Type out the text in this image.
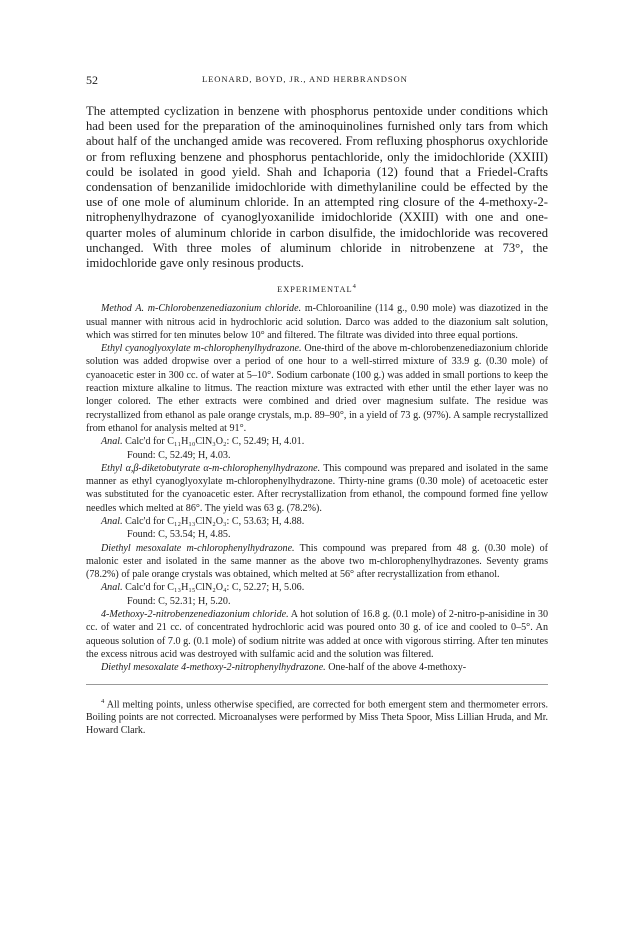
52	LEONARD, BOYD, JR., AND HERBRANDSON

The attempted cyclization in benzene with phosphorus pentoxide under conditions which had been used for the preparation of the aminoquinolines furnished only tars from which about half of the unchanged amide was recovered. From refluxing phosphorus oxychloride or from refluxing benzene and phosphorus pentachloride, only the imidochloride (XXIII) could be isolated in good yield. Shah and Ichaporia (12) found that a Friedel-Crafts condensation of benzanilide imidochloride with dimethylaniline could be effected by the use of one mole of aluminum chloride. In an attempted ring closure of the 4-methoxy-2-nitrophenylhydrazone of cyanoglyoxanilide imidochloride (XXIII) with one and one-quarter moles of aluminum chloride in carbon disulfide, the imidochloride was recovered unchanged. With three moles of aluminum chloride in nitrobenzene at 73°, the imidochloride gave only resinous products.

EXPERIMENTAL$^4$

Method A. m-Chlorobenzenediazonium chloride. m-Chloroaniline (114 g., 0.90 mole) was diazotized in the usual manner with nitrous acid in hydrochloric acid solution. Darco was added to the diazonium salt solution, which was stirred for ten minutes below 10° and filtered. The filtrate was divided into three equal portions.

Ethyl cyanoglyoxylate m-chlorophenylhydrazone. One-third of the above m-chlorobenzenediazonium chloride solution was added dropwise over a period of one hour to a well-stirred mixture of 33.9 g. (0.30 mole) of cyanoacetic ester in 300 cc. of water at 5–10°. Sodium carbonate (100 g.) was added in small portions to keep the reaction mixture alkaline to litmus. The reaction mixture was extracted with ether until the ether layer was no longer colored. The ether extracts were combined and dried over magnesium sulfate. The residue was recrystallized from ethanol as pale orange crystals, m.p. 89–90°, in a yield of 73 g. (97%). A sample recrystallized from ethanol for analysis melted at 91°.

Anal. Calc'd for C₁₁H₁₀ClN₃O₂: C, 52.49; H, 4.01.

Found: C, 52.49; H, 4.03.

Ethyl α,β-diketobutyrate α-m-chlorophenylhydrazone. This compound was prepared and isolated in the same manner as ethyl cyanoglyoxylate m-chlorophenylhydrazone. Thirty-nine grams (0.30 mole) of acetoacetic ester was substituted for the cyanoacetic ester. After recrystallization from ethanol, the compound formed fine yellow needles which melted at 86°. The yield was 63 g. (78.2%).

Anal. Calc'd for C₁₂H₁₃ClN₂O₃: C, 53.63; H, 4.88.

Found: C, 53.54; H, 4.85.

Diethyl mesoxalate m-chlorophenylhydrazone. This compound was prepared from 48 g. (0.30 mole) of malonic ester and isolated in the same manner as the above two m-chlorophenylhydrazones. Seventy grams (78.2%) of pale orange crystals was obtained, which melted at 56° after recrystallization from ethanol.

Anal. Calc'd for C₁₃H₁₅ClN₂O₄: C, 52.27; H, 5.06.

Found: C, 52.31; H, 5.20.

4-Methoxy-2-nitrobenzenediazonium chloride. A hot solution of 16.8 g. (0.1 mole) of 2-nitro-p-anisidine in 30 cc. of water and 21 cc. of concentrated hydrochloric acid was poured onto 30 g. of ice and cooled to 0–5°. An aqueous solution of 7.0 g. (0.1 mole) of sodium nitrite was added at once with vigorous stirring. After ten minutes the excess nitrous acid was destroyed with sulfamic acid and the solution was filtered.

Diethyl mesoxalate 4-methoxy-2-nitrophenylhydrazone. One-half of the above 4-methoxy-

$^4$ All melting points, unless otherwise specified, are corrected for both emergent stem and thermometer errors. Boiling points are not corrected. Microanalyses were performed by Miss Theta Spoor, Miss Lillian Hruda, and Mr. Howard Clark.
